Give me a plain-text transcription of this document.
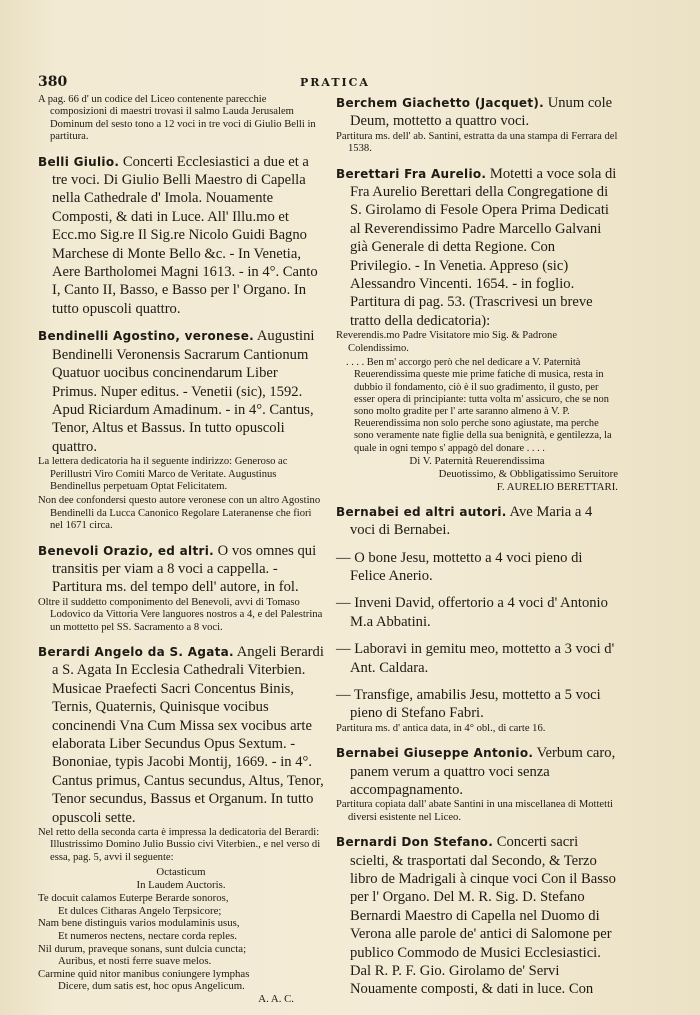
380	PRATICA

A pag. 66 d' un codice del Liceo contenente parecchie composizioni di maestri trovasi il salmo Lauda Jerusalem Dominum del sesto tono a 12 voci in tre voci di Giulio Belli in partitura.

Belli Giulio. Concerti Ecclesiastici a due et a tre voci. Di Giulio Belli Maestro di Capella nella Cathedrale d' Imola. Nouamente Composti, & dati in Luce. All' Illu.mo et Ecc.mo Sig.re Il Sig.re Nicolo Guidi Bagno Marchese di Monte Bello &c. - In Venetia, Aere Bartholomei Magni 1613. - in 4°. Canto I, Canto II, Basso, e Basso per l' Organo. In tutto opuscoli quattro.

Bendinelli Agostino, veronese. Augustini Bendinelli Veronensis Sacrarum Cantionum Quatuor uocibus concinendarum Liber Primus. Nuper editus. - Venetii (sic), 1592. Apud Riciardum Amadinum. - in 4°. Cantus, Tenor, Altus et Bassus. In tutto opuscoli quattro.

La lettera dedicatoria ha il seguente indirizzo: Generoso ac Perillustri Viro Comiti Marco de Veritate. Augustinus Bendinellus perpetuam Optat Felicitatem.

Non dee confondersi questo autore veronese con un altro Agostino Bendinelli da Lucca Canonico Regolare Lateranense che fiorì nel 1671 circa.

Benevoli Orazio, ed altri. O vos omnes qui transitis per viam a 8 voci a cappella. - Partitura ms. del tempo dell' autore, in fol.

Oltre il suddetto componimento del Benevoli, avvi di Tomaso Lodovico da Vittoria Vere languores nostros a 4, e del Palestrina un mottetto pel SS. Sacramento a 8 voci.

Berardi Angelo da S. Agata. Angeli Berardi a S. Agata In Ecclesia Cathedrali Viterbien. Musicae Praefecti Sacri Concentus Binis, Ternis, Quaternis, Quinisque vocibus concinendi Vna Cum Missa sex vocibus arte elaborata Liber Secundus Opus Sextum. - Bononiae, typis Jacobi Montij, 1669. - in 4°. Cantus primus, Cantus secundus, Altus, Tenor, Tenor secundus, Bassus et Organum. In tutto opuscoli sette.

Nel retto della seconda carta è impressa la dedicatoria del Berardi: Illustrissimo Domino Julio Bussio civi Viterbien., e nel verso di essa, pag. 5, avvi il seguente:

Octasticum

In Laudem Auctoris.

Te docuit calamos Euterpe Berarde sonoros,
Et dulces Citharas Angelo Terpsicore;
Nam bene distinguis varios modulaminis usus,
Et numeros nectens, nectare corda reples.
Nil durum, praveque sonans, sunt dulcia cuncta;
Auribus, et nosti ferre suave melos.
Carmine quid nitor manibus coniungere lymphas
Dicere, dum satis est, hoc opus Angelicum.

A. A. C.

Berchem Giachetto (Jacquet). Unum cole Deum, mottetto a quattro voci.

Partitura ms. dell' ab. Santini, estratta da una stampa di Ferrara del 1538.

Berettari Fra Aurelio. Motetti a voce sola di Fra Aurelio Berettari della Congregatione di S. Girolamo di Fesole Opera Prima Dedicati al Reverendissimo Padre Marcello Galvani già Generale di detta Regione. Con Privilegio. - In Venetia. Appreso (sic) Alessandro Vincenti. 1654. - in foglio. Partitura di pag. 53. (Trascrivesi un breve tratto della dedicatoria):

Reverendis.mo Padre Visitatore mio Sig. & Padrone Colendissimo.

. . . . Ben m' accorgo però che nel dedicare a V. Paternità Reuerendissima queste mie prime fatiche di musica, resta in dubbio il fondamento, ciò è il suo gradimento, il gusto, per esser opera di principiante: tutta volta m' assicuro, che se non sono molto gradite per l' arte saranno almeno à V. P. Reuerendissima non solo perche sono agiustate, ma perche sono veramente nate figlie della sua benignità, e gentilezza, la quale in ogni tempo s' appagò del donare . . . .

Di V. Paternità Reuerendissima

Deuotissimo, & Obbligatissimo Seruitore

F. AURELIO BERETTARI.

Bernabei ed altri autori. Ave Maria a 4 voci di Bernabei.

— O bone Jesu, mottetto a 4 voci pieno di Felice Anerio.

— Inveni David, offertorio a 4 voci d' Antonio M.a Abbatini.

— Laboravi in gemitu meo, mottetto a 3 voci d' Ant. Caldara.

— Transfige, amabilis Jesu, mottetto a 5 voci pieno di Stefano Fabri.

Partitura ms. d' antica data, in 4° obl., di carte 16.

Bernabei Giuseppe Antonio. Verbum caro, panem verum a quattro voci senza accompagnamento.

Partitura copiata dall' abate Santini in una miscellanea di Mottetti diversi esistente nel Liceo.

Bernardi Don Stefano. Concerti sacri scielti, & trasportati dal Secondo, & Terzo libro de Madrigali à cinque voci Con il Basso per l' Organo. Del M. R. Sig. D. Stefano Bernardi Maestro di Capella nel Duomo di Verona alle parole de' antici di Salomone per publico Commodo de Musici Ecclesiastici. Dal R. P. F. Gio. Girolamo de' Servi Nouamente composti, & dati in luce. Con
